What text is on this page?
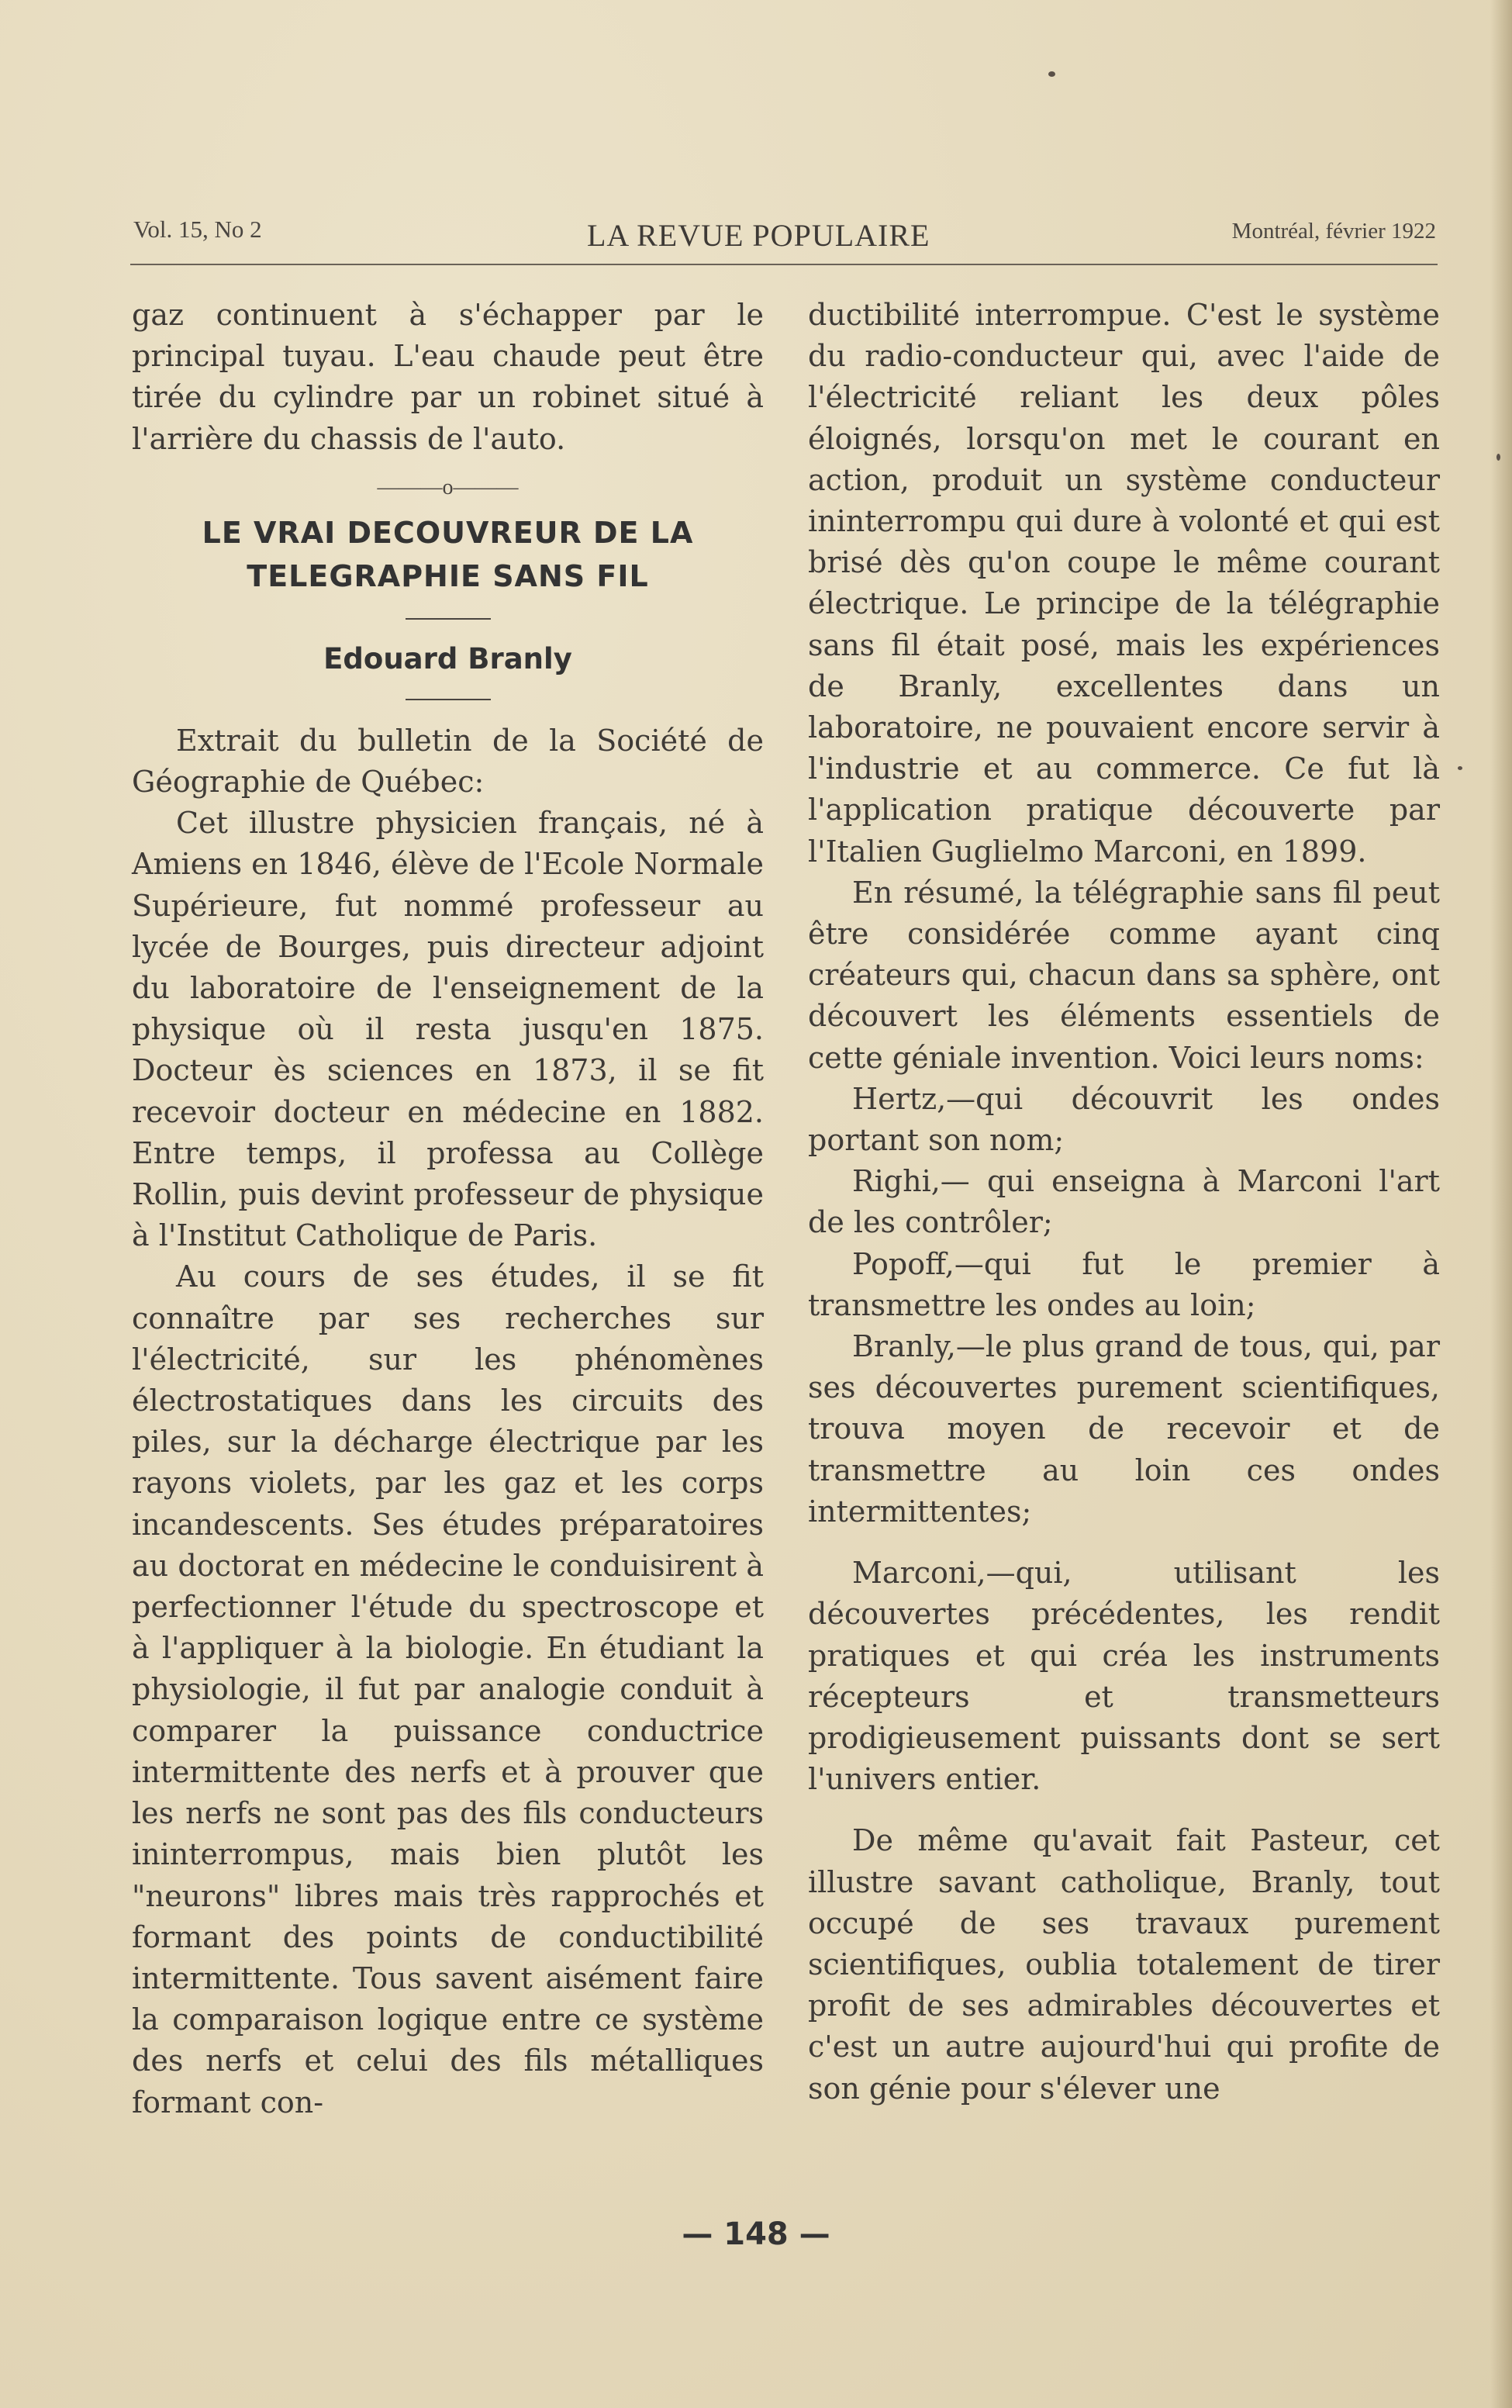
Vol. 15, No 2	LA REVUE POPULAIRE	Montréal, février 1922

gaz continuent à s'échapper par le principal tuyau. L'eau chaude peut être tirée du cylindre par un robinet situé à l'arrière du chassis de l'auto.

———o———
LE VRAI DECOUVREUR DE LA
TELEGRAPHIE SANS FIL
Edouard Branly

Extrait du bulletin de la Société de Géographie de Québec:

Cet illustre physicien français, né à Amiens en 1846, élève de l'Ecole Normale Supérieure, fut nommé professeur au lycée de Bourges, puis directeur adjoint du laboratoire de l'enseignement de la physique où il resta jusqu'en 1875. Docteur ès sciences en 1873, il se fit recevoir docteur en médecine en 1882. Entre temps, il professa au Collège Rollin, puis devint professeur de physique à l'Institut Catholique de Paris.

Au cours de ses études, il se fit connaître par ses recherches sur l'électricité, sur les phénomènes électrostatiques dans les circuits des piles, sur la décharge électrique par les rayons violets, par les gaz et les corps incandescents. Ses études préparatoires au doctorat en médecine le conduisirent à perfectionner l'étude du spectroscope et à l'appliquer à la biologie. En étudiant la physiologie, il fut par analogie conduit à comparer la puissance conductrice intermittente des nerfs et à prouver que les nerfs ne sont pas des fils conducteurs ininterrompus, mais bien plutôt les "neurons" libres mais très rapprochés et formant des points de conductibilité intermittente. Tous savent aisément faire la comparaison logique entre ce système des nerfs et celui des fils métalliques formant con-

ductibilité interrompue. C'est le système du radio-conducteur qui, avec l'aide de l'électricité reliant les deux pôles éloignés, lorsqu'on met le courant en action, produit un système conducteur ininterrompu qui dure à volonté et qui est brisé dès qu'on coupe le même courant électrique. Le principe de la télégraphie sans fil était posé, mais les expériences de Branly, excellentes dans un laboratoire, ne pouvaient encore servir à l'industrie et au commerce. Ce fut là l'application pratique découverte par l'Italien Guglielmo Marconi, en 1899.

En résumé, la télégraphie sans fil peut être considérée comme ayant cinq créateurs qui, chacun dans sa sphère, ont découvert les éléments essentiels de cette géniale invention. Voici leurs noms:

Hertz,—qui découvrit les ondes portant son nom;

Righi,— qui enseigna à Marconi l'art de les contrôler;

Popoff,—qui fut le premier à transmettre les ondes au loin;

Branly,—le plus grand de tous, qui, par ses découvertes purement scientifiques, trouva moyen de recevoir et de transmettre au loin ces ondes intermittentes;

Marconi,—qui, utilisant les découvertes précédentes, les rendit pratiques et qui créa les instruments récepteurs et transmetteurs prodigieusement puissants dont se sert l'univers entier.

De même qu'avait fait Pasteur, cet illustre savant catholique, Branly, tout occupé de ses travaux purement scientifiques, oublia totalement de tirer profit de ses admirables découvertes et c'est un autre aujourd'hui qui profite de son génie pour s'élever une

— 148 —
